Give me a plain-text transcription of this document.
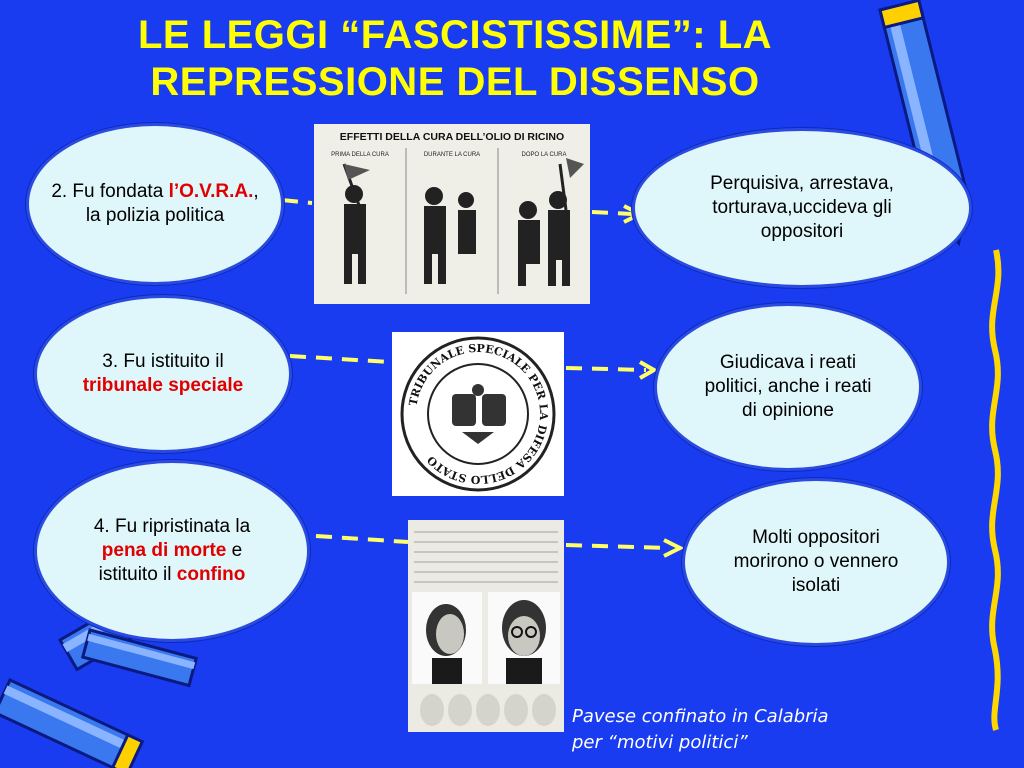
LE LEGGI “FASCISTISSIME”: LA
REPRESSIONE DEL DISSENSO
2. Fu fondata l’O.V.R.A., la polizia politica
3. Fu istituito il tribunale speciale
4. Fu ripristinata la pena di morte e istituito il confino
Perquisiva, arrestava, torturava,uccideva gli oppositori
Giudicava i reati politici, anche i reati di opinione
Molti oppositori morirono o vennero isolati
EFFETTI DELLA CURA DELL’OLIO DI RICINO
PRIMA DELLA CURA	DURANTE LA CURA	DOPO LA CURA
TRIBUNALE SPECIALE PER LA DIFESA DELLO STATO
Pavese confinato in Calabria
per “motivi politici”
